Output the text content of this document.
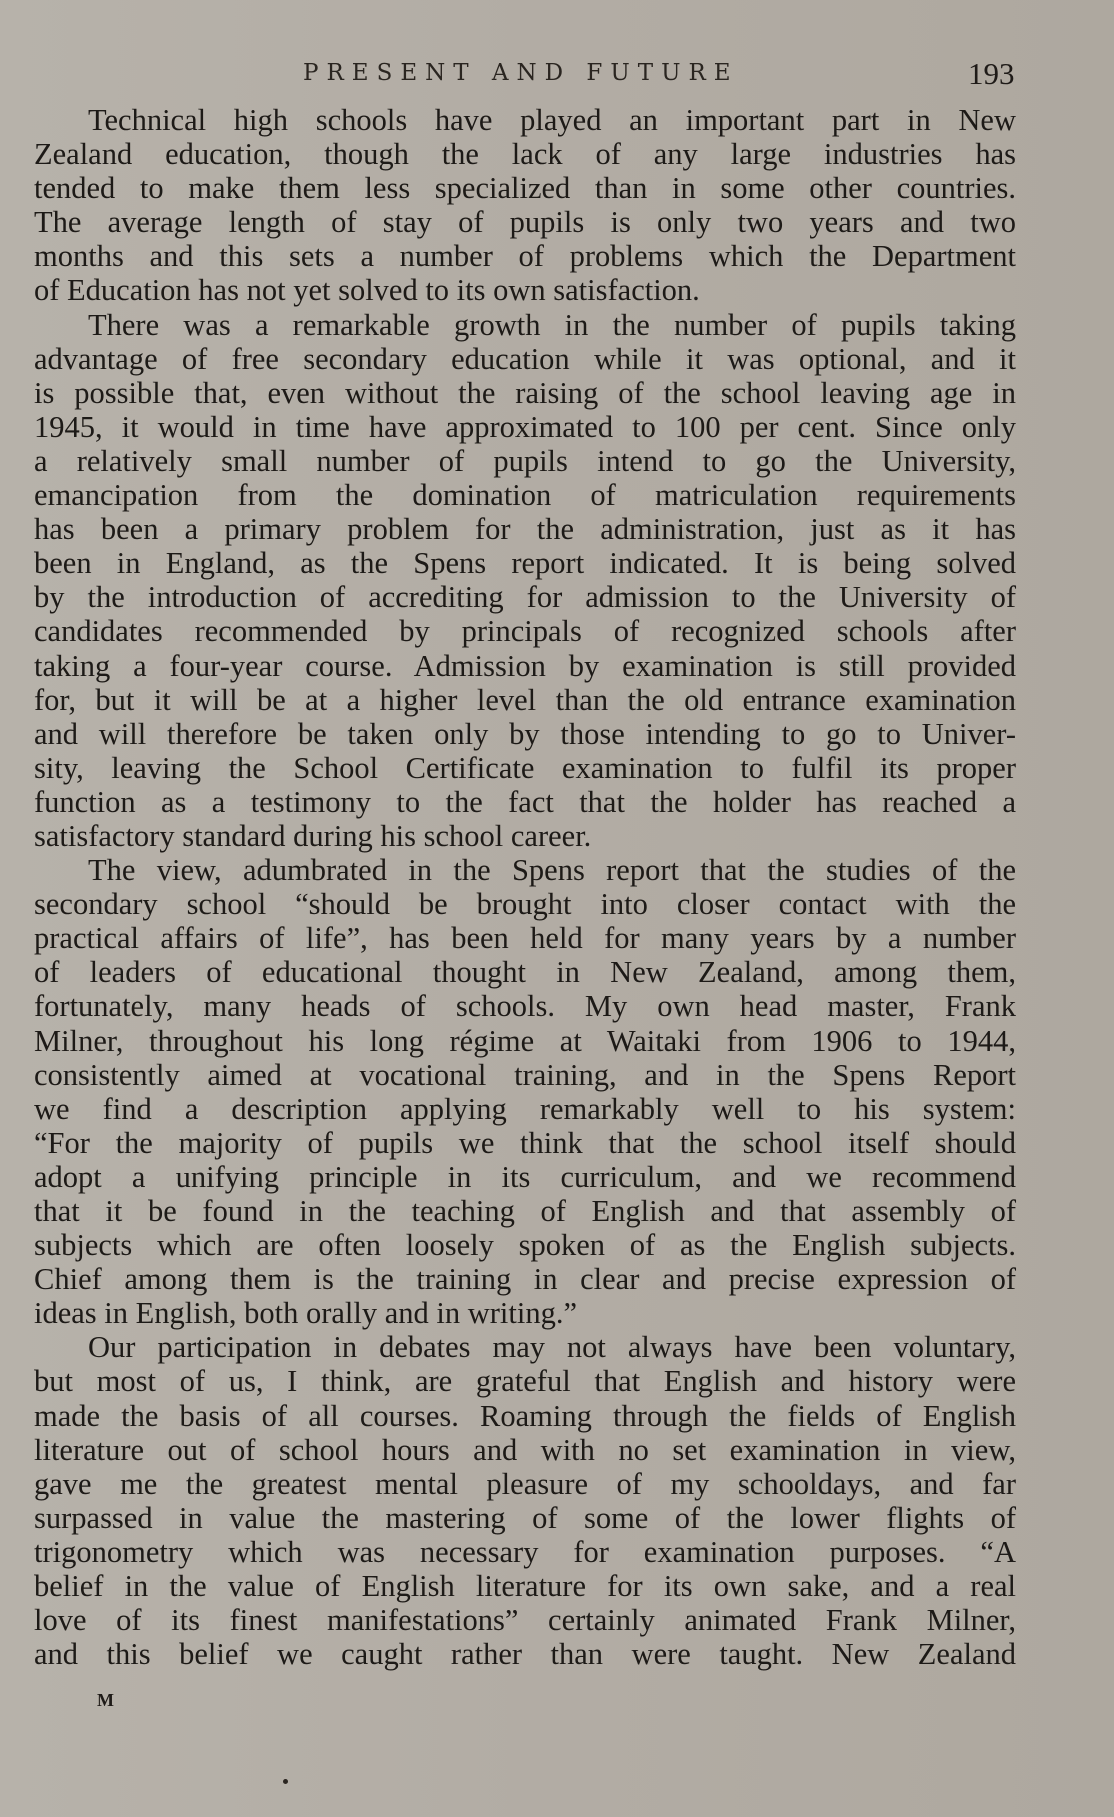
PRESENT AND FUTURE	193
Technical high schools have played an important part in New
Zealand education, though the lack of any large industries has
tended to make them less specialized than in some other countries.
The average length of stay of pupils is only two years and two
months and this sets a number of problems which the Department
of Education has not yet solved to its own satisfaction.
There was a remarkable growth in the number of pupils taking
advantage of free secondary education while it was optional, and it
is possible that, even without the raising of the school leaving age in
1945, it would in time have approximated to 100 per cent. Since only
a relatively small number of pupils intend to go the University,
emancipation from the domination of matriculation requirements
has been a primary problem for the administration, just as it has
been in England, as the Spens report indicated. It is being solved
by the introduction of accrediting for admission to the University of
candidates recommended by principals of recognized schools after
taking a four-year course. Admission by examination is still provided
for, but it will be at a higher level than the old entrance examination
and will therefore be taken only by those intending to go to Univer-
sity, leaving the School Certificate examination to fulfil its proper
function as a testimony to the fact that the holder has reached a
satisfactory standard during his school career.
The view, adumbrated in the Spens report that the studies of the
secondary school “should be brought into closer contact with the
practical affairs of life”, has been held for many years by a number
of leaders of educational thought in New Zealand, among them,
fortunately, many heads of schools. My own head master, Frank
Milner, throughout his long régime at Waitaki from 1906 to 1944,
consistently aimed at vocational training, and in the Spens Report
we find a description applying remarkably well to his system:
“For the majority of pupils we think that the school itself should
adopt a unifying principle in its curriculum, and we recommend
that it be found in the teaching of English and that assembly of
subjects which are often loosely spoken of as the English subjects.
Chief among them is the training in clear and precise expression of
ideas in English, both orally and in writing.”
Our participation in debates may not always have been voluntary,
but most of us, I think, are grateful that English and history were
made the basis of all courses. Roaming through the fields of English
literature out of school hours and with no set examination in view,
gave me the greatest mental pleasure of my schooldays, and far
surpassed in value the mastering of some of the lower flights of
trigonometry which was necessary for examination purposes. “A
belief in the value of English literature for its own sake, and a real
love of its finest manifestations” certainly animated Frank Milner,
and this belief we caught rather than were taught. New Zealand
M
